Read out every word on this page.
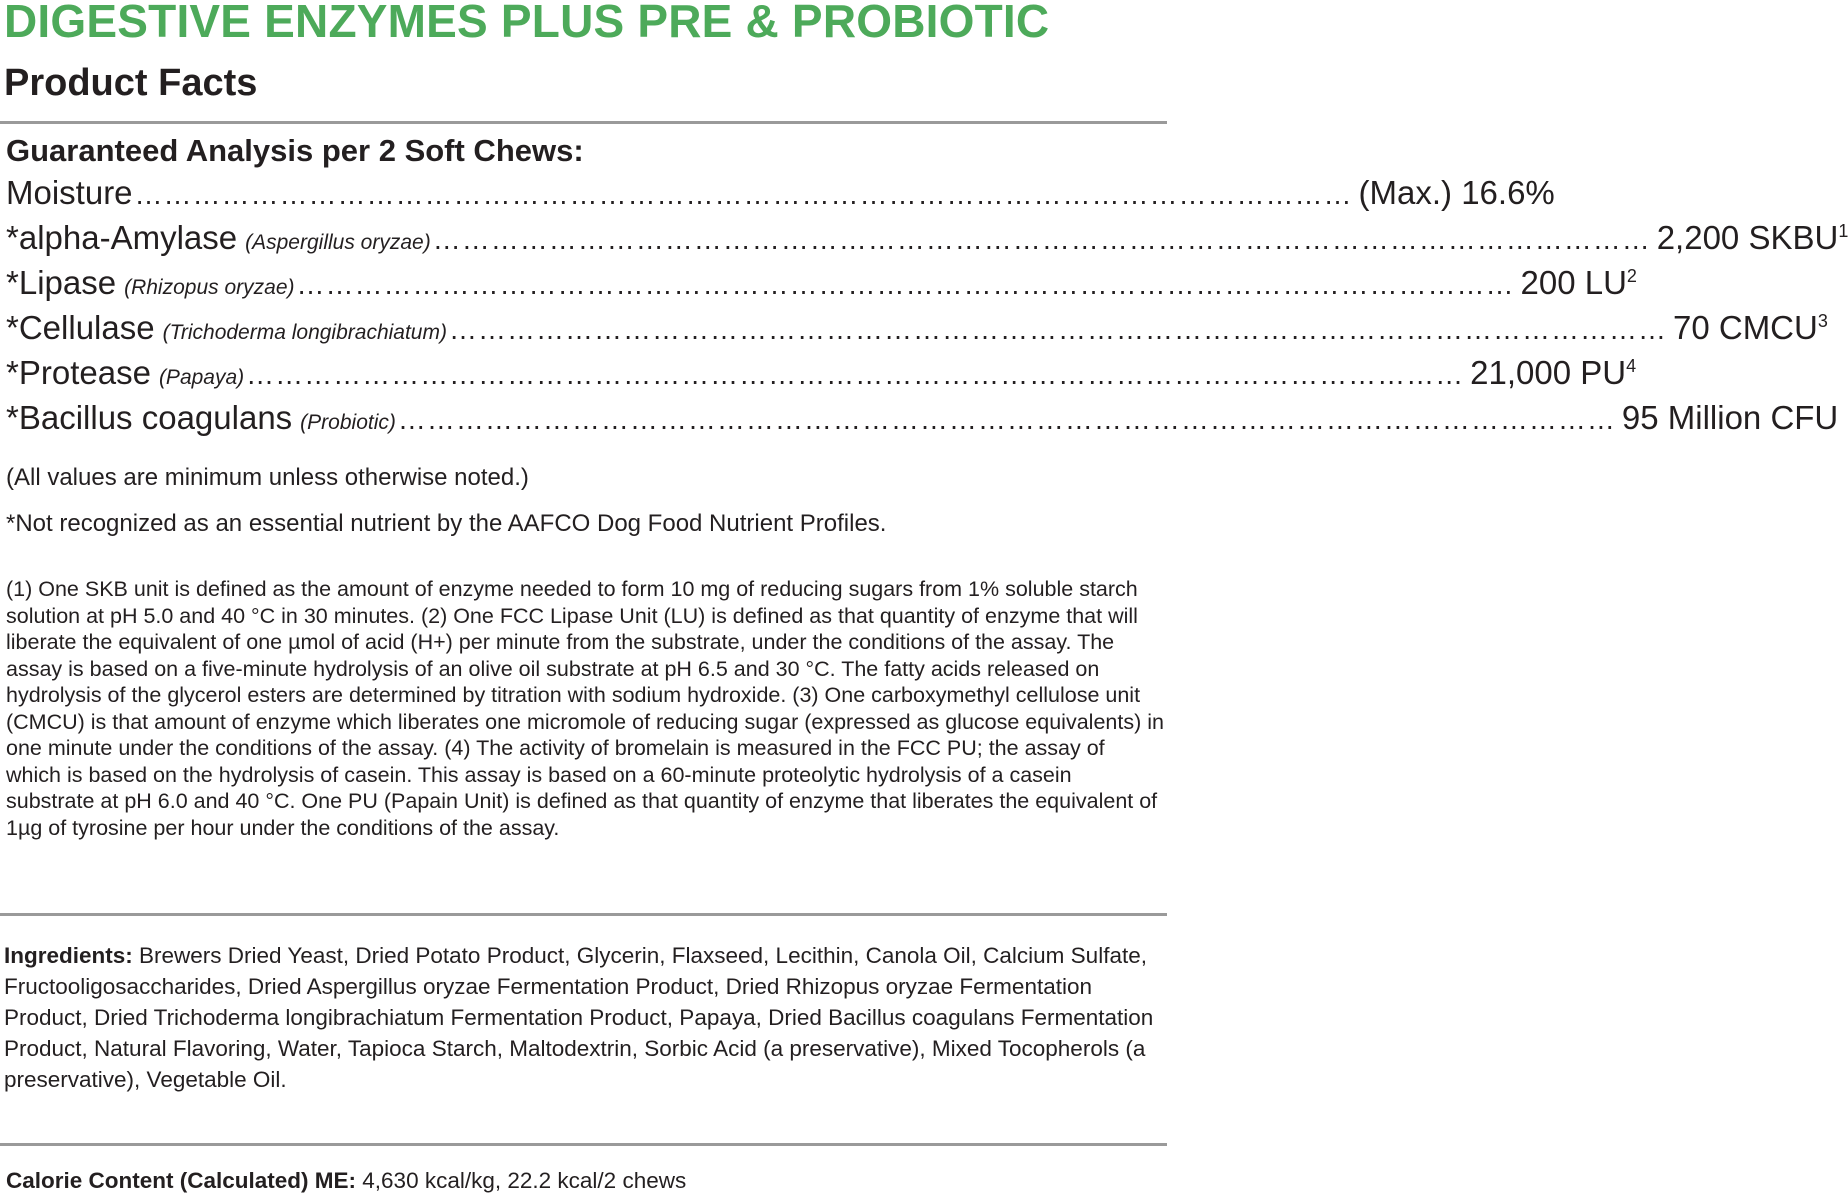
DIGESTIVE ENZYMES PLUS PRE & PROBIOTIC
Product Facts
Guaranteed Analysis per 2 Soft Chews:
Moisture ……………………………………………………………………………………………………………… (Max.) 16.6%
*alpha-Amylase (Aspergillus oryzae) ……………………………………………………………………………………………………………… 2,200 SKBU$^1$
*Lipase (Rhizopus oryzae) ……………………………………………………………………………………………………………… 200 $LU^2$
*Cellulase (Trichoderma longibrachiatum) ……………………………………………………………………………………………………………… 70 CMCU$^3$
*Protease (Papaya) ……………………………………………………………………………………………………………… 21,000 $PU^4$
*Bacillus coagulans (Probiotic) ……………………………………………………………………………………………………………… 95 Million CFU
(All values are minimum unless otherwise noted.)
*Not recognized as an essential nutrient by the AAFCO Dog Food Nutrient Profiles.
(1) One SKB unit is defined as the amount of enzyme needed to form 10 mg of reducing sugars from 1% soluble starch solution at pH 5.0 and 40 °C in 30 minutes. (2) One FCC Lipase Unit (LU) is defined as that quantity of enzyme that will liberate the equivalent of one µmol of acid (H+) per minute from the substrate, under the conditions of the assay. The assay is based on a five-minute hydrolysis of an olive oil substrate at pH 6.5 and 30 °C. The fatty acids released on hydrolysis of the glycerol esters are determined by titration with sodium hydroxide. (3) One carboxymethyl cellulose unit (CMCU) is that amount of enzyme which liberates one micromole of reducing sugar (expressed as glucose equivalents) in one minute under the conditions of the assay. (4) The activity of bromelain is measured in the FCC PU; the assay of which is based on the hydrolysis of casein. This assay is based on a 60-minute proteolytic hydrolysis of a casein substrate at pH 6.0 and 40 °C. One PU (Papain Unit) is defined as that quantity of enzyme that liberates the equivalent of 1µg of tyrosine per hour under the conditions of the assay.
Ingredients: Brewers Dried Yeast, Dried Potato Product, Glycerin, Flaxseed, Lecithin, Canola Oil, Calcium Sulfate, Fructooligosaccharides, Dried Aspergillus oryzae Fermentation Product, Dried Rhizopus oryzae Fermentation Product, Dried Trichoderma longibrachiatum Fermentation Product, Papaya, Dried Bacillus coagulans Fermentation Product, Natural Flavoring, Water, Tapioca Starch, Maltodextrin, Sorbic Acid (a preservative), Mixed Tocopherols (a preservative), Vegetable Oil.
Calorie Content (Calculated) ME: 4,630 kcal/kg, 22.2 kcal/2 chews
